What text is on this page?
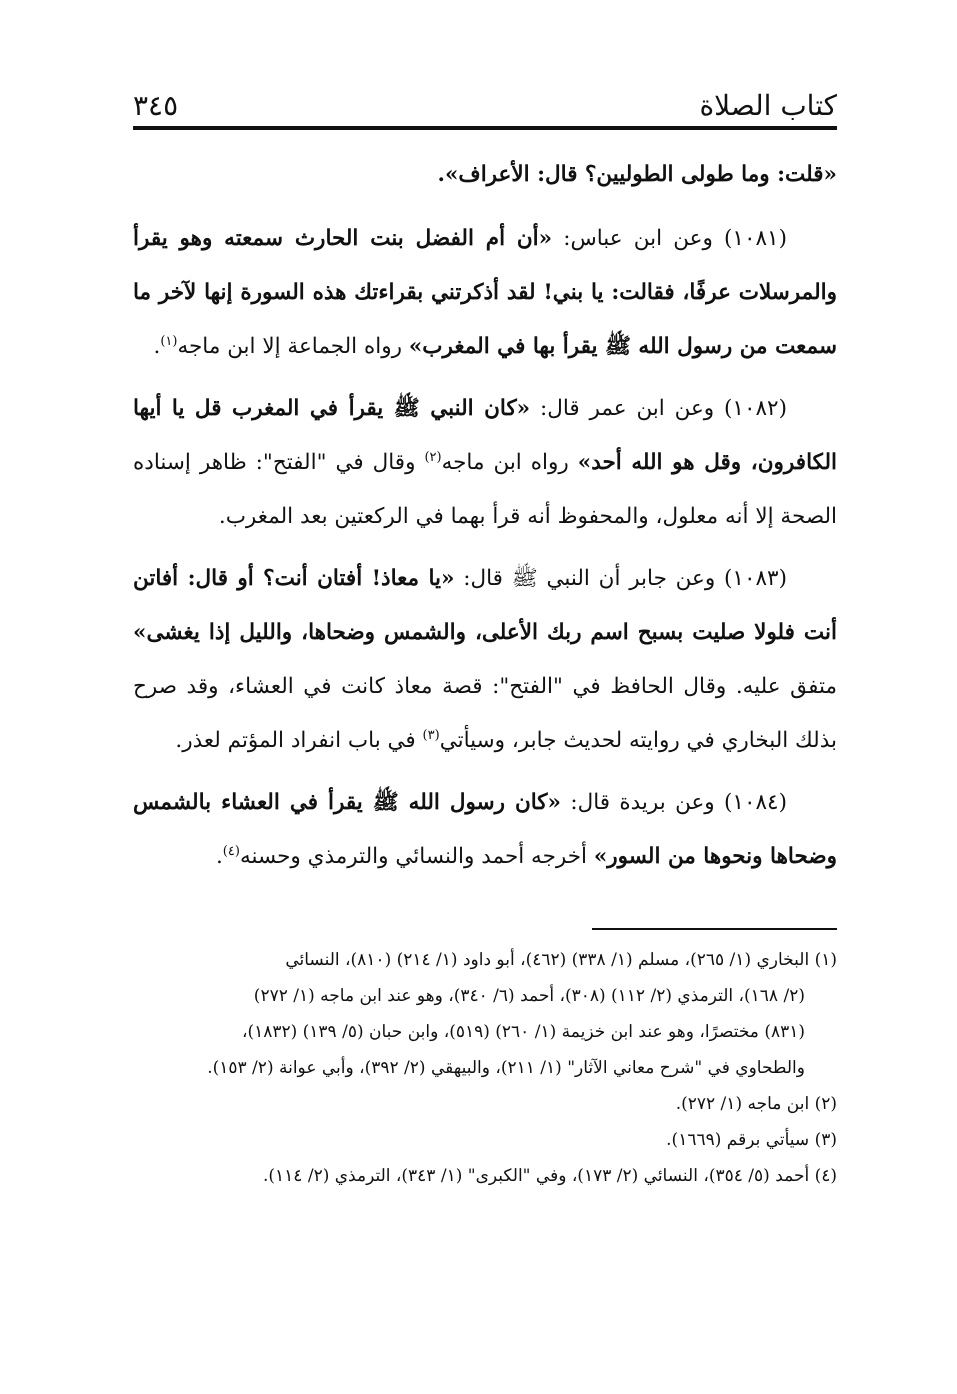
كتاب الصلاة
٣٤٥

«قلت: وما طولى الطوليين؟ قال: الأعراف».

(١٠٨١) وعن ابن عباس: «أن أم الفضل بنت الحارث سمعته وهو يقرأ والمرسلات عرفًا، فقالت: يا بني! لقد أذكرتني بقراءتك هذه السورة إنها لآخر ما سمعت من رسول الله ﷺ يقرأ بها في المغرب» رواه الجماعة إلا ابن ماجه$^{(١)}$.

(١٠٨٢) وعن ابن عمر قال: «كان النبي ﷺ يقرأ في المغرب قل يا أيها الكافرون، وقل هو الله أحد» رواه ابن ماجه$^{(٢)}$ وقال في "الفتح": ظاهر إسناده الصحة إلا أنه معلول، والمحفوظ أنه قرأ بهما في الركعتين بعد المغرب.

(١٠٨٣) وعن جابر أن النبي ﷺ قال: «يا معاذ! أفتان أنت؟ أو قال: أفاتن أنت فلولا صليت بسبح اسم ربك الأعلى، والشمس وضحاها، والليل إذا يغشى» متفق عليه. وقال الحافظ في "الفتح": قصة معاذ كانت في العشاء، وقد صرح بذلك البخاري في روايته لحديث جابر، وسيأتي$^{(٣)}$ في باب انفراد المؤتم لعذر.

(١٠٨٤) وعن بريدة قال: «كان رسول الله ﷺ يقرأ في العشاء بالشمس وضحاها ونحوها من السور» أخرجه أحمد والنسائي والترمذي وحسنه$^{(٤)}$.

(١) البخاري (١/ ٢٦٥)، مسلم (١/ ٣٣٨) (٤٦٢)، أبو داود (١/ ٢١٤) (٨١٠)، النسائي
(٢/ ١٦٨)، الترمذي (٢/ ١١٢) (٣٠٨)، أحمد (٦/ ٣٤٠)، وهو عند ابن ماجه (١/ ٢٧٢)
(٨٣١) مختصرًا، وهو عند ابن خزيمة (١/ ٢٦٠) (٥١٩)، وابن حبان (٥/ ١٣٩) (١٨٣٢)،
والطحاوي في "شرح معاني الآثار" (١/ ٢١١)، والبيهقي (٢/ ٣٩٢)، وأبي عوانة (٢/ ١٥٣).
(٢) ابن ماجه (١/ ٢٧٢).
(٣) سيأتي برقم (١٦٦٩).
(٤) أحمد (٥/ ٣٥٤)، النسائي (٢/ ١٧٣)، وفي "الكبرى" (١/ ٣٤٣)، الترمذي (٢/ ١١٤).
